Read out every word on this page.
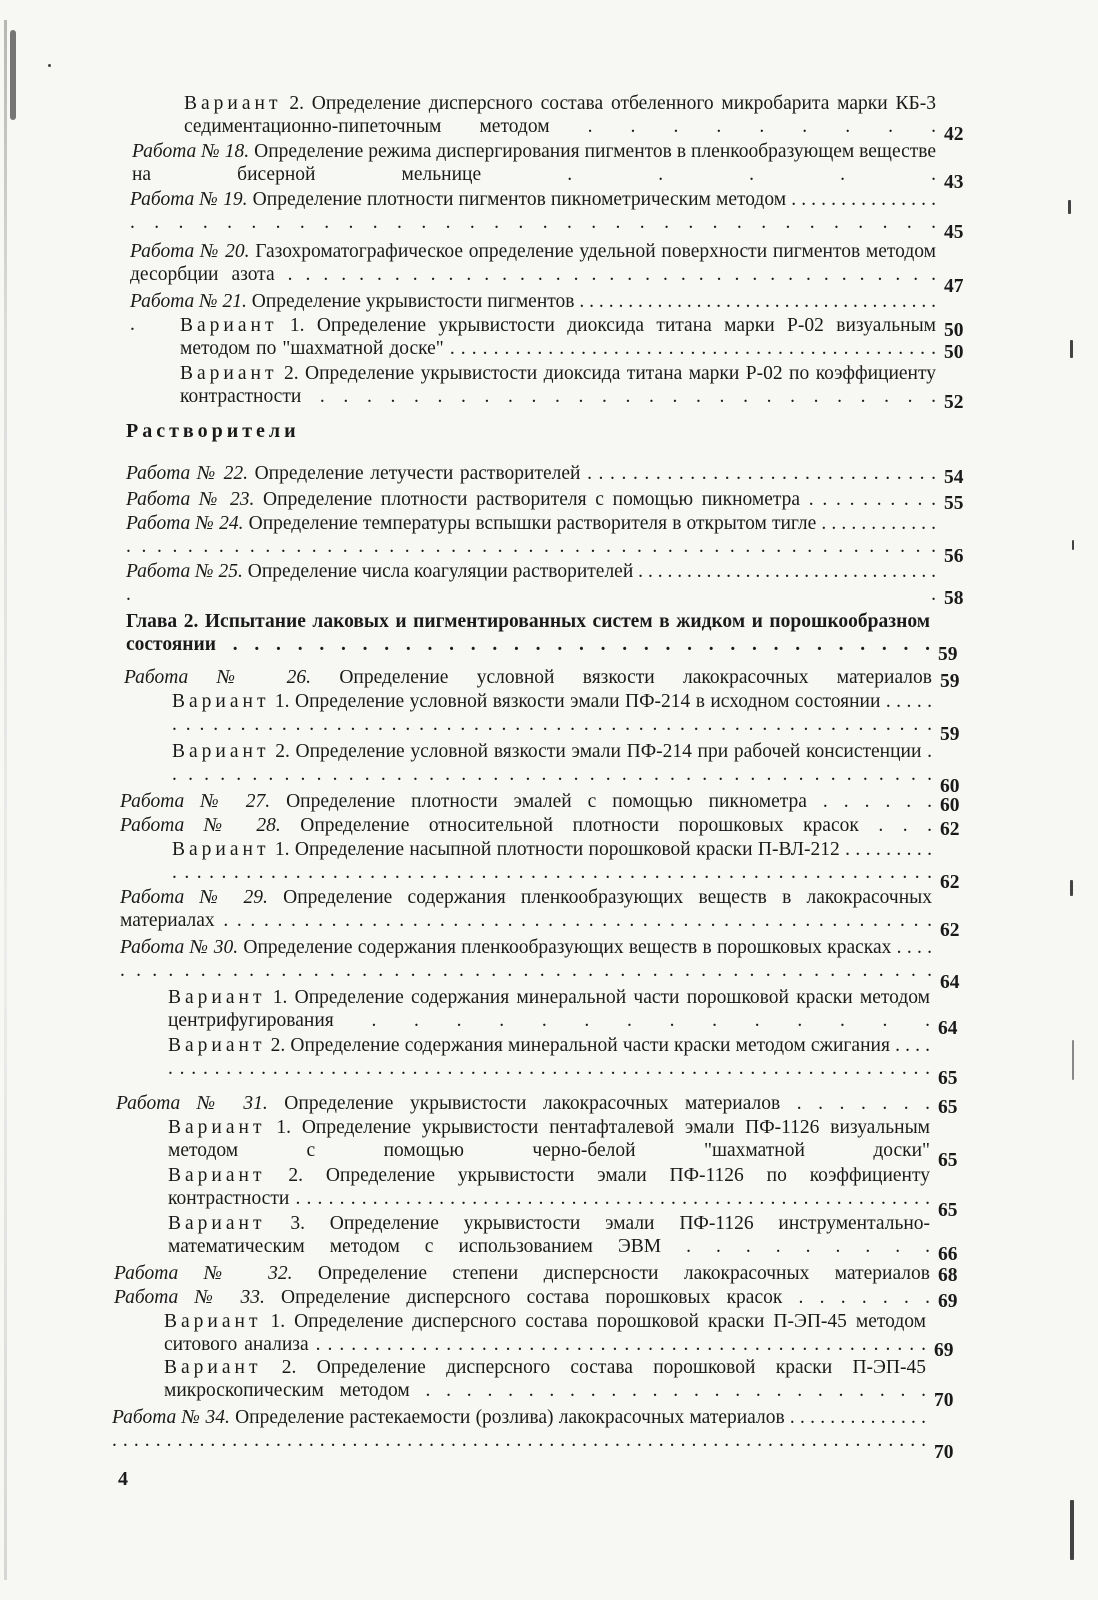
Вариант 2. Определение дисперсного состава отбеленного микробарита марки КБ-3 седиментационно-пипеточным методом . . . . . . . . . 42
Работа № 18. Определение режима диспергирования пигментов в пленкообразующем веществе на бисерной мельнице . . . . . 43
Работа № 19. Определение плотности пигментов пикнометрическим методом . . . . . . . . . . . . . . . . . . . . . . . . . . . . . . . . . . . . . . . . . . . . . . . . . 45
Работа № 20. Газохроматографическое определение удельной поверхности пигментов методом десорбции азота . . . . . . . . . . . . . . . . . . . . . . . . . . . . . . . . . . . . .
47
Работа № 21. Определение укрывистости пигментов . . . . . . . . . . . . . . . . . . . . . . . . . . . . . . . . . . . . . .	50
Вариант 1. Определение укрывистости диоксида титана марки Р-02 визуальным методом по "шахматной доске" . . . . . . . . . . . . . . . . . . . . . . . . . . . . . . . . . . . . . . . . . . . . . 50
Вариант 2. Определение укрывистости диоксида титана марки Р-02 по коэффициенту контрастности . . . . . . . . . . . . . . . . . . . . . . . . . . . 52
Растворители
Работа № 22. Определение летучести растворителей . . . . . . . . . . . . . . . . . . . . . . . . . . . . . . . 54
Работа № 23. Определение плотности растворителя с помощью пикнометра . . . . . . . . . . 55
Работа № 24. Определение температуры вспышки растворителя в открытом тигле . . . . . . . . . . . . . . . . . . . . . . . . . . . . . . . . . . . . . . . . . . . . . . . . . . . . . . . . . . . . . . . . . 56
Работа № 25. Определение числа коагуляции растворителей . . . . . . . . . . . . . . . . . . . . . . . . . . . . . . . . . 58
Глава 2. Испытание лаковых и пигментированных систем в жидком и порошкообразном состоянии . . . . . . . . . . . . . . . . . . . . . . . . . . . . . . . . . 59
Работа № 26. Определение условной вязкости лакокрасочных материалов 59
Вариант 1. Определение условной вязкости эмали ПФ-214 в исходном состоянии . . . . . . . . . . . . . . . . . . . . . . . . . . . . . . . . . . . . . . . . . . . . . . . . . . . . . . . . . . . . . 59
Вариант 2. Определение условной вязкости эмали ПФ-214 при рабочей консистенции . . . . . . . . . . . . . . . . . . . . . . . . . . . . . . . . . . . . . . . . . . . . . . . . .
60
Работа № 27. Определение плотности эмалей с помощью пикнометра . . . . . . 60
Работа № 28. Определение относительной плотности порошковых красок . . . 62
Вариант 1. Определение насыпной плотности порошковой краски П-ВЛ-212 . . . . . . . . . . . . . . . . . . . . . . . . . . . . . . . . . . . . . . . . . . . . . . . . . . . . . . . . . . . . . . . . . . . . . . . 62
Работа № 29. Определение содержания пленкообразующих веществ в лакокрасочных материалах . . . . . . . . . . . . . . . . . . . . . . . . . . . . . . . . . . . . . . . . . . . . . . . . . . . . . 62
Работа № 30. Определение содержания пленкообразующих веществ в порошковых красках . . . . . . . . . . . . . . . . . . . . . . . . . . . . . . . . . . . . . . . . . . . . . . . . . . . . . . .
64
Вариант 1. Определение содержания минеральной части порошковой краски методом центрифугирования . . . . . . . . . . . . . . 64
Вариант 2. Определение содержания минеральной части краски методом сжигания . . . . . . . . . . . . . . . . . . . . . . . . . . . . . . . . . . . . . . . . . . . . . . . . . . . . . . . . . . . . . . . . . . . . . . 65
Работа № 31. Определение укрывистости лакокрасочных материалов . . . . . . . 65
Вариант 1. Определение укрывистости пентафталевой эмали ПФ-1126 визуальным методом с помощью черно-белой "шахматной доски" 65
Вариант 2. Определение укрывистости эмали ПФ-1126 по коэффициенту контрастности . . . . . . . . . . . . . . . . . . . . . . . . . . . . . . . . . . . . . . . . . . . . . . . . . . . . . . . . . .
65
Вариант 3. Определение укрывистости эмали ПФ-1126 инструментально-математическим методом с использованием ЭВМ . . . . . . . . . 66
Работа № 32. Определение степени дисперсности лакокрасочных материалов 68
Работа № 33. Определение дисперсного состава порошковых красок . . . . . . . 69
Вариант 1. Определение дисперсного состава порошковой краски П-ЭП-45 методом ситового анализа . . . . . . . . . . . . . . . . . . . . . . . . . . . . . . . . . . . . . . . . . . . . . . . . . . . . 69
Вариант 2. Определение дисперсного состава порошковой краски П-ЭП-45 микроскопическим методом . . . . . . . . . . . . . . . . . . . . . . . . . 70
Работа № 34. Определение растекаемости (розлива) лакокрасочных материалов . . . . . . . . . . . . . . . . . . . . . . . . . . . . . . . . . . . . . . . . . . . . . . . . . . . . . . . . . . . . . . . . . . . . . . . . . . . . . . . . . . . . . . . . .
70
4
